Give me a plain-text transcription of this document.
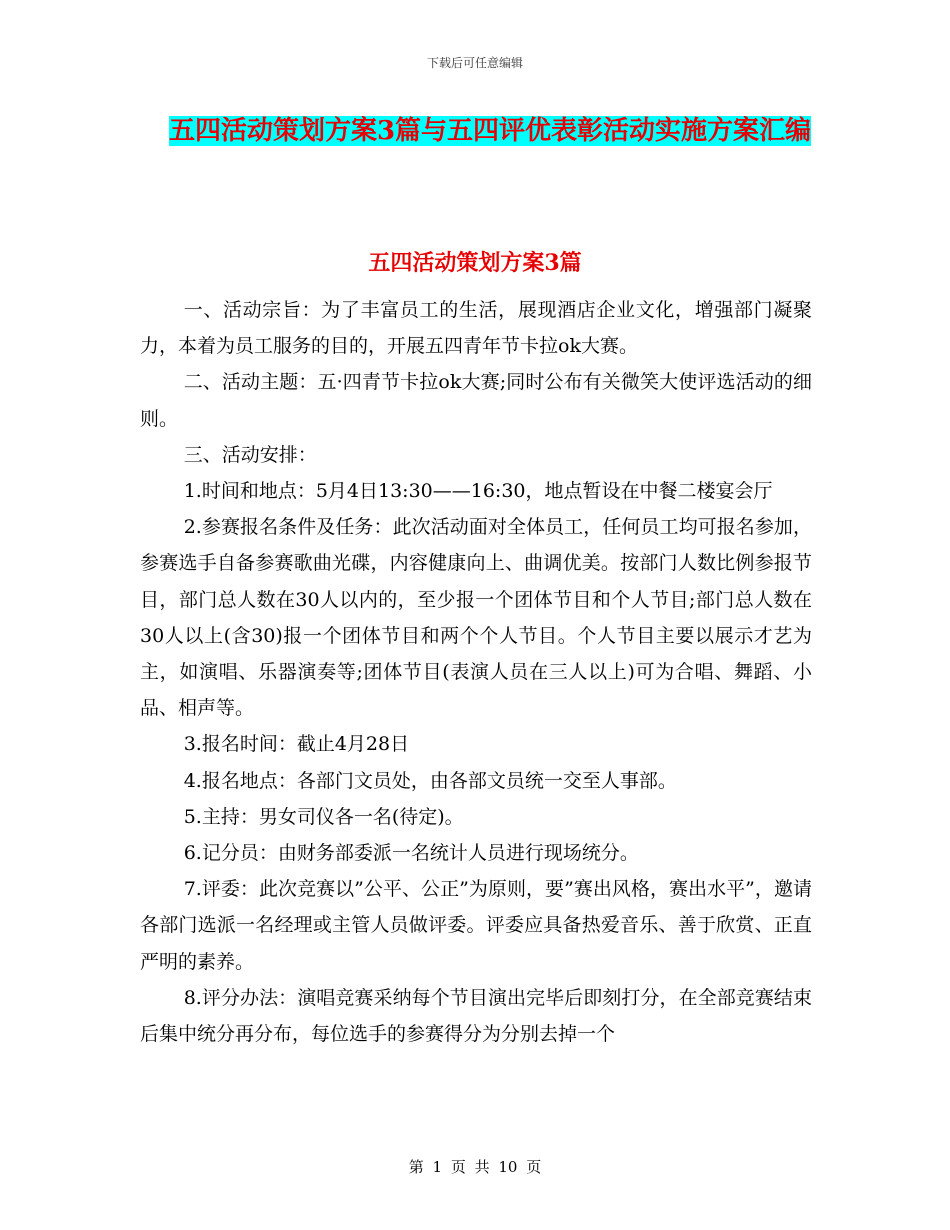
下载后可任意编辑
五四活动策划方案3篇与五四评优表彰活动实施方案汇编
五四活动策划方案3篇

一、活动宗旨：为了丰富员工的生活，展现酒店企业文化，增强部门凝聚力，本着为员工服务的目的，开展五四青年节卡拉ok大赛。

二、活动主题：五·四青节卡拉ok大赛;同时公布有关微笑大使评选活动的细则。

三、活动安排：

1.时间和地点：5月4日13:30——16:30，地点暂设在中餐二楼宴会厅

2.参赛报名条件及任务：此次活动面对全体员工，任何员工均可报名参加，参赛选手自备参赛歌曲光碟，内容健康向上、曲调优美。按部门人数比例参报节目，部门总人数在30人以内的，至少报一个团体节目和个人节目;部门总人数在30人以上(含30)报一个团体节目和两个个人节目。个人节目主要以展示才艺为主，如演唱、乐器演奏等;团体节目(表演人员在三人以上)可为合唱、舞蹈、小品、相声等。

3.报名时间：截止4月28日

4.报名地点：各部门文员处，由各部文员统一交至人事部。

5.主持：男女司仪各一名(待定)。

6.记分员：由财务部委派一名统计人员进行现场统分。

7.评委：此次竞赛以”公平、公正”为原则，要”赛出风格，赛出水平”，邀请各部门选派一名经理或主管人员做评委。评委应具备热爱音乐、善于欣赏、正直严明的素养。

8.评分办法：演唱竞赛采纳每个节目演出完毕后即刻打分，在全部竞赛结束后集中统分再分布，每位选手的参赛得分为分别去掉一个

第 1 页 共 10 页
